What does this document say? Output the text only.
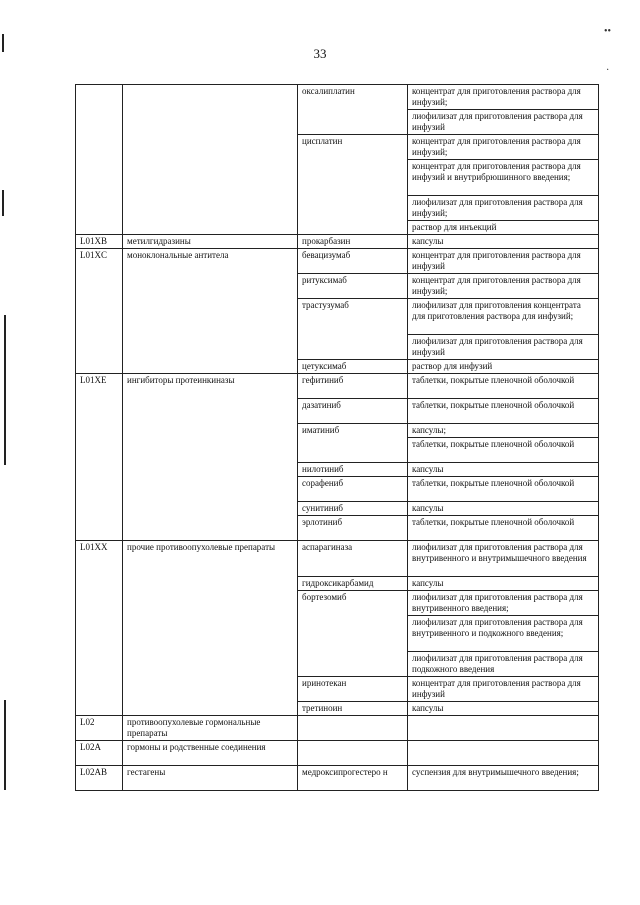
33
••
․
		оксалиплатин	концентрат для приготовления раствора для инфузий;
			лиофилизат для приготовления раствора для инфузий
		цисплатин	концентрат для приготовления раствора для инфузий;
			концентрат для приготовления раствора для инфузий и внутрибрюшинного введения;
			лиофилизат для приготовления раствора для инфузий;
			раствор для инъекций
L01XB	метилгидразины	прокарбазин	капсулы
L01XC	моноклональные антитела	бевацизумаб	концентрат для приготовления раствора для инфузий
		ритуксимаб	концентрат для приготовления раствора для инфузий;
		трастузумаб	лиофилизат для приготовления концентрата для приготовления раствора для инфузий;
			лиофилизат для приготовления раствора для инфузий
		цетуксимаб	раствор для инфузий
L01XE	ингибиторы протеинкиназы	гефитиниб	таблетки, покрытые пленочной оболочкой
		дазатиниб	таблетки, покрытые пленочной оболочкой
		иматиниб	капсулы;
			таблетки, покрытые пленочной оболочкой
		нилотиниб	капсулы
		сорафениб	таблетки, покрытые пленочной оболочкой
		сунитиниб	капсулы
		эрлотиниб	таблетки, покрытые пленочной оболочкой
L01XX	прочие противоопухолевые препараты	аспарагиназа	лиофилизат для приготовления раствора для внутривенного и внутримышечного введения
		гидроксикарбамид	капсулы
		бортезомиб	лиофилизат для приготовления раствора для внутривенного введения;
			лиофилизат для приготовления раствора для внутривенного и подкожного введения;
			лиофилизат для приготовления раствора для подкожного введения
		иринотекан	концентрат для приготовления раствора для инфузий
		третиноин	капсулы
L02	противоопухолевые гормональные препараты		
L02A	гормоны и родственные соединения		
L02AB	гестагены	медроксипрогестеро н	суспензия для внутримышечного введения;
